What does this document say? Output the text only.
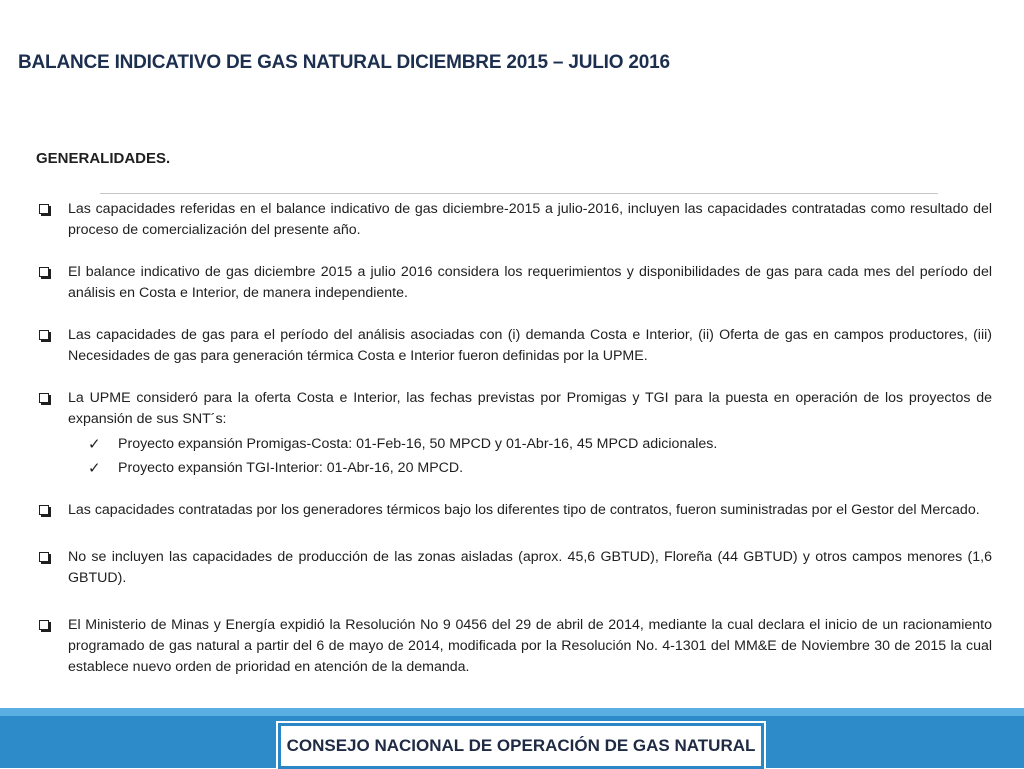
BALANCE INDICATIVO DE GAS NATURAL DICIEMBRE 2015 – JULIO 2016
GENERALIDADES.
Las capacidades referidas en el balance indicativo de gas diciembre-2015 a julio-2016, incluyen las capacidades contratadas como resultado del proceso de comercialización del presente año.
El balance indicativo de gas diciembre 2015 a julio 2016 considera los requerimientos y disponibilidades de gas para cada mes del período del análisis en Costa e Interior, de manera independiente.
Las capacidades de gas para el período del análisis asociadas con (i) demanda Costa e Interior, (ii) Oferta de gas en campos productores, (iii) Necesidades de gas para generación térmica Costa e Interior fueron definidas por la UPME.
La UPME consideró para la oferta Costa e Interior, las fechas previstas por Promigas y TGI para la puesta en operación de los proyectos de expansión de sus SNT´s:
✓ Proyecto expansión Promigas-Costa: 01-Feb-16, 50 MPCD y 01-Abr-16, 45 MPCD adicionales.
✓ Proyecto expansión TGI-Interior: 01-Abr-16, 20 MPCD.
Las capacidades contratadas por los generadores térmicos bajo los diferentes tipo de contratos, fueron suministradas por el Gestor del Mercado.
No se incluyen las capacidades de producción de las zonas aisladas (aprox. 45,6 GBTUD), Floreña (44 GBTUD) y otros campos menores (1,6 GBTUD).
El Ministerio de Minas y Energía expidió la Resolución No 9 0456 del 29 de abril de 2014, mediante la cual declara el inicio de un racionamiento programado de gas natural a partir del 6 de mayo de 2014, modificada por la Resolución No. 4-1301 del MM&E de Noviembre 30 de 2015 la cual establece nuevo orden de prioridad en atención de la demanda.
CONSEJO NACIONAL DE OPERACIÓN DE GAS NATURAL
